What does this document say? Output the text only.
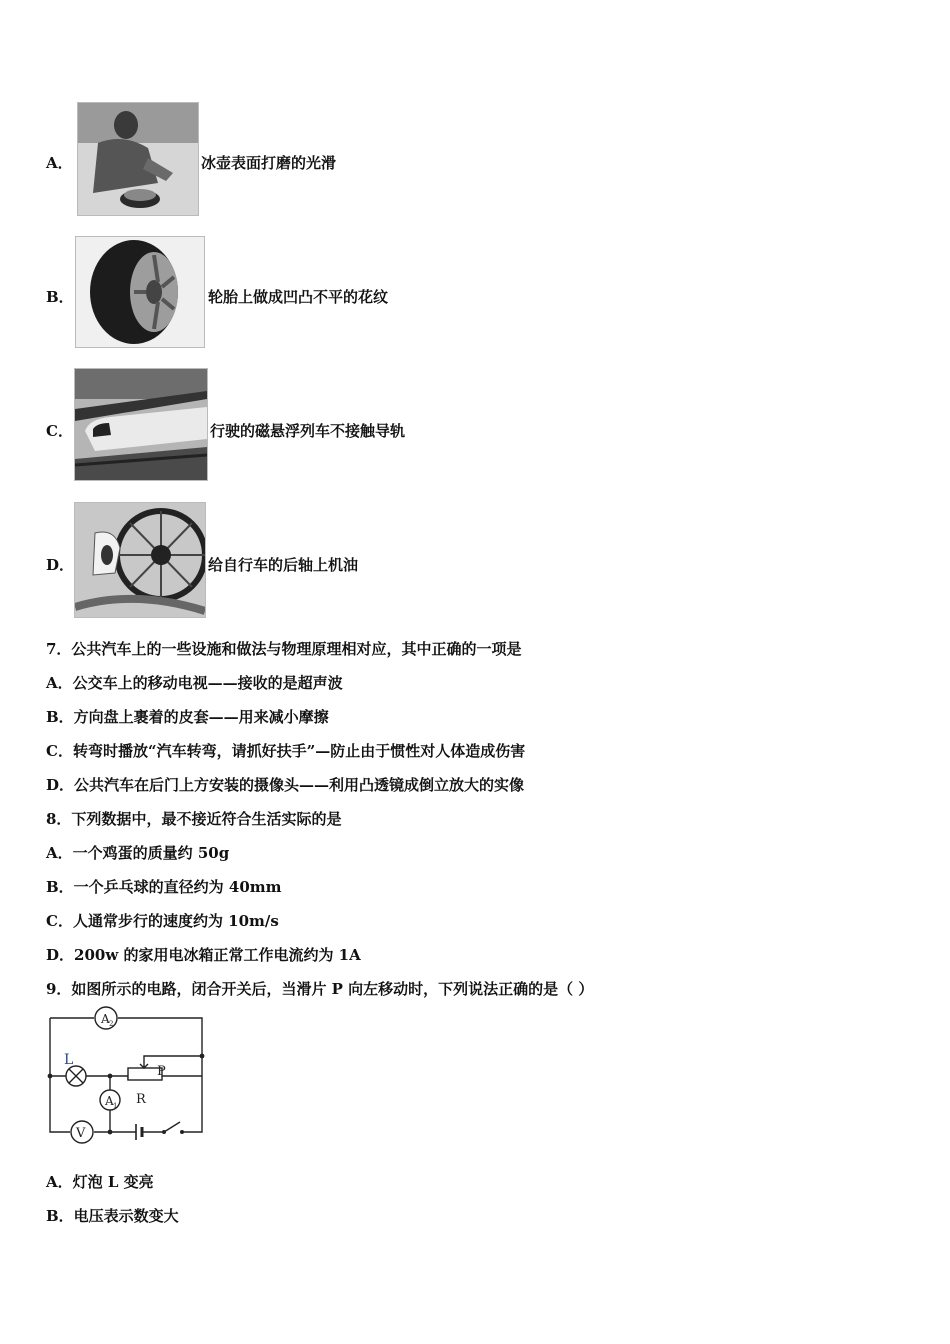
A．	冰壶表面打磨的光滑
B．	轮胎上做成凹凸不平的花纹
C．	行驶的磁悬浮列车不接触导轨
D．	给自行车的后轴上机油
7．公共汽车上的一些设施和做法与物理原理相对应，其中正确的一项是
A．公交车上的移动电视——接收的是超声波
B．方向盘上裹着的皮套——用来减小摩擦
C．转弯时播放“汽车转弯，请抓好扶手”—防止由于惯性对人体造成伤害
D．公共汽车在后门上方安装的摄像头——利用凸透镜成倒立放大的实像
8．下列数据中，最不接近符合生活实际的是
A．一个鸡蛋的质量约 50g
B．一个乒乓球的直径约为 40mm
C．人通常步行的速度约为 10m/s
D．200w 的家用电冰箱正常工作电流约为 1A
9．如图所示的电路，闭合开关后，当滑片 P 向左移动时，下列说法正确的是（ ）
A 2
L
P
R
A 1
V
A．灯泡 L 变亮
B．电压表示数变大
